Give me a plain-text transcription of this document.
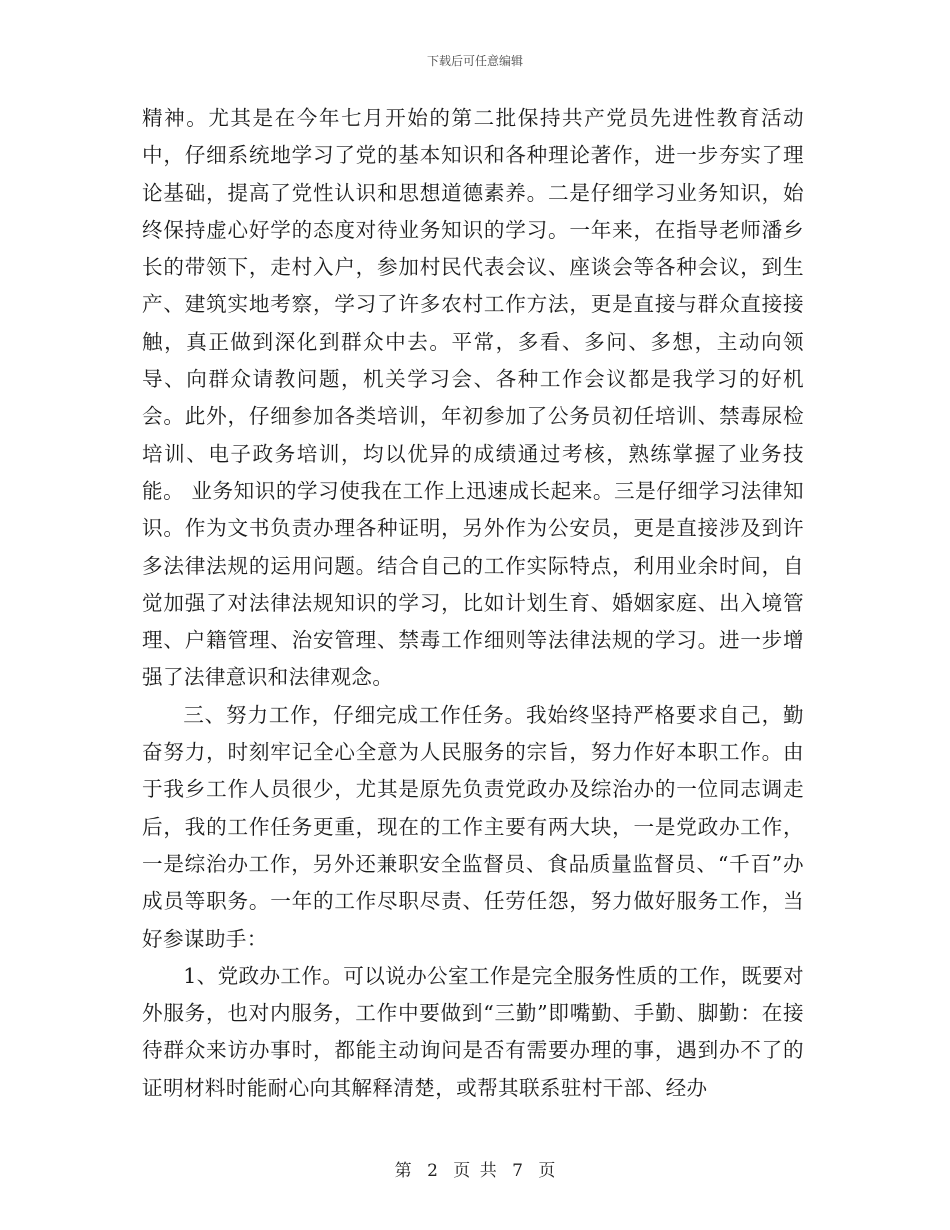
下载后可任意编辑

精神。尤其是在今年七月开始的第二批保持共产党员先进性教育活动中，仔细系统地学习了党的基本知识和各种理论著作，进一步夯实了理论基础，提高了党性认识和思想道德素养。二是仔细学习业务知识，始终保持虚心好学的态度对待业务知识的学习。一年来，在指导老师潘乡长的带领下，走村入户，参加村民代表会议、座谈会等各种会议，到生产、建筑实地考察，学习了许多农村工作方法，更是直接与群众直接接触，真正做到深化到群众中去。平常，多看、多问、多想，主动向领导、向群众请教问题，机关学习会、各种工作会议都是我学习的好机会。此外，仔细参加各类培训，年初参加了公务员初任培训、禁毒尿检培训、电子政务培训，均以优异的成绩通过考核，熟练掌握了业务技能。 业务知识的学习使我在工作上迅速成长起来。三是仔细学习法律知识。作为文书负责办理各种证明，另外作为公安员，更是直接涉及到许多法律法规的运用问题。结合自己的工作实际特点，利用业余时间，自觉加强了对法律法规知识的学习，比如计划生育、婚姻家庭、出入境管理、户籍管理、治安管理、禁毒工作细则等法律法规的学习。进一步增强了法律意识和法律观念。

三、努力工作，仔细完成工作任务。我始终坚持严格要求自己，勤奋努力，时刻牢记全心全意为人民服务的宗旨，努力作好本职工作。由于我乡工作人员很少，尤其是原先负责党政办及综治办的一位同志调走后，我的工作任务更重，现在的工作主要有两大块，一是党政办工作，一是综治办工作，另外还兼职安全监督员、食品质量监督员、“千百”办成员等职务。一年的工作尽职尽责、任劳任怨，努力做好服务工作，当好参谋助手：

1、党政办工作。可以说办公室工作是完全服务性质的工作，既要对外服务，也对内服务，工作中要做到“三勤”即嘴勤、手勤、脚勤：在接待群众来访办事时，都能主动询问是否有需要办理的事，遇到办不了的证明材料时能耐心向其解释清楚，或帮其联系驻村干部、经办

第 2 页 共 7 页
